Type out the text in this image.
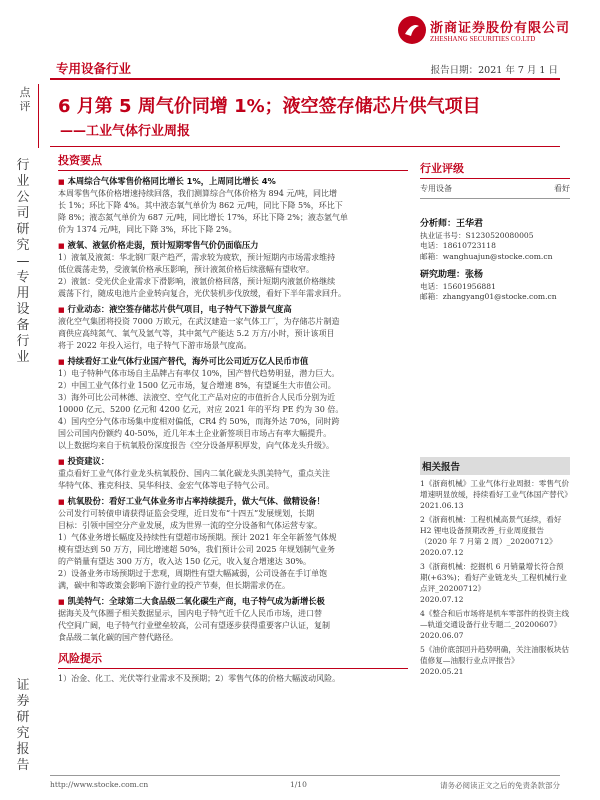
浙商证券股份有限公司
ZHESHANG SECURITIES CO.LTD
专用设备行业	报告日期：2021 年 7 月 1 日
点评
行业公司研究—专用设备行业
证券研究报告
6 月第 5 周气价同增 1%；液空签存储芯片供气项目
——工业气体行业周报
投资要点
■ 本周综合气体零售价格同比增长 1%，上周同比增长 4%
本周零售气体价格增速持续回落，我们测算综合气体价格为 894 元/吨，同比增
长 1%；环比下降 4%。其中液态氧气单价为 862 元/吨，同比下降 5%，环比下
降 8%；液态氮气单价为 687 元/吨，同比增长 17%，环比下降 2%；液态氩气单
价为 1374 元/吨，同比下降 3%，环比下降 2%。
■ 液氧、液氩价格走弱，预计短期零售气价仍面临压力
1）液氧及液氮：华北钢厂限产趋严，需求较为疲软，预计短期内市场需求维持
低位震荡走势，受液氧价格承压影响，预计液氮价格后续涨幅有望收窄。
2）液氩：受光伏企业需求下滑影响，液氩价格回落，预计短期内液氩价格继续
震荡下行，随成电池片企业转向复合，光伏装机步伐放缓，看好下半年需求回升。
■ 行业动态：液空签存储芯片供气项目，电子特气下游景气度高
液化空气集团将投资 7000 万欧元，在武汉建造一家气体工厂，为存储芯片制造
商供应高纯氮气、氧气及氩气等，其中氮气产能达 5.2 万方/小时，预计该项目
将于 2022 年投入运行，电子特气下游市场景气度高。
■ 持续看好工业气体行业国产替代，海外可比公司近万亿人民币市值
1）电子特种气体市场自主品牌占有率仅 10%，国产替代趋势明显，潜力巨大。
2）中国工业气体行业 1500 亿元市场，复合增速 8%，有望诞生大市值公司。
3）海外可比公司林德、法液空、空气化工产品对应的市值折合人民币分别为近
10000 亿元、5200 亿元和 4200 亿元，对应 2021 年的平均 PE 约为 30 倍。
4）国内空分气体市场集中度相对偏低，CR4 约 50%，而海外达 70%，同时跨
国公司国内份额约 40-50%，近几年本土企业新签项目市场占有率大幅提升。
以上数据均来自于杭氧股份深度报告《空分设备厚积厚发，向气体龙头升级》。
■ 投资建议：
重点看好工业气体行业龙头杭氧股份、国内二氧化碳龙头凯美特气，重点关注
华特气体、雅克科技、昊华科技、金宏气体等电子特气公司。
■ 杭氧股份：看好工业气体业务市占率持续提升，做大气体、做精设备！
公司发行可转债申请获得证监会受理，近日发布“十四五”发展规划，长期
目标：引领中国空分产业发展，成为世界一流的空分设备和气体运营专家。
1）气体业务增长幅度及持续性有望超市场预期。预计 2021 年全年新签气体规
模有望达到 50 万方，同比增速超 50%，我们预计公司 2025 年规划制气业务
的产销量有望达 300 万方，收入达 150 亿元，收入复合增速达 30%。
2）设备业务市场预期过于悲观，周期性有望大幅减弱，公司设备在手订单饱
满，碳中和等政策会影响下游行业的投产节奏，但长期需求仍在。
■ 凯美特气：全球第二大食品级二氧化碳生产商，电子特气成为新增长极
据海关及气体圈子相关数据显示，国内电子特气近千亿人民币市场，进口替
代空间广阔，电子特气行业壁垒较高，公司有望逐步获得重要客户认证，复制
食品级二氧化碳的国产替代路径。
风险提示
1）冶金、化工、光伏等行业需求不及预期；2）零售气体的价格大幅波动风险。
行业评级
专用设备	看好
分析师：王华君
执业证书号：S1230520080005
电话：18610723118
邮箱：wanghuajun@stocke.com.cn
研究助理：张杨
电话：15601956881
邮箱：zhangyang01@stocke.com.cn
相关报告
1《浙商机械》工业气体行业周报：零售气价增速明显放缓，持续看好工业气体国产替代》
2021.06.13
2《浙商机械：工程机械高景气延续，看好 H2 锂电设备预期改善_行业周度报告（2020 年 7 月第 2 周）_20200712》
2020.07.12
3《浙商机械：挖掘机 6 月销量增长符合预期(+63%)；看好产业链龙头_工程机械行业点评_20200712》
2020.07.12
4《整合和后市场将是机车零部件的投资主线—轨道交通设备行业专题二_20200607》
2020.06.07
5《油价底部回升趋势明确，关注油服板块估值修复—油服行业点评报告》
2020.05.21
http://www.stocke.com.cn	1/10	请务必阅读正文之后的免责条款部分
